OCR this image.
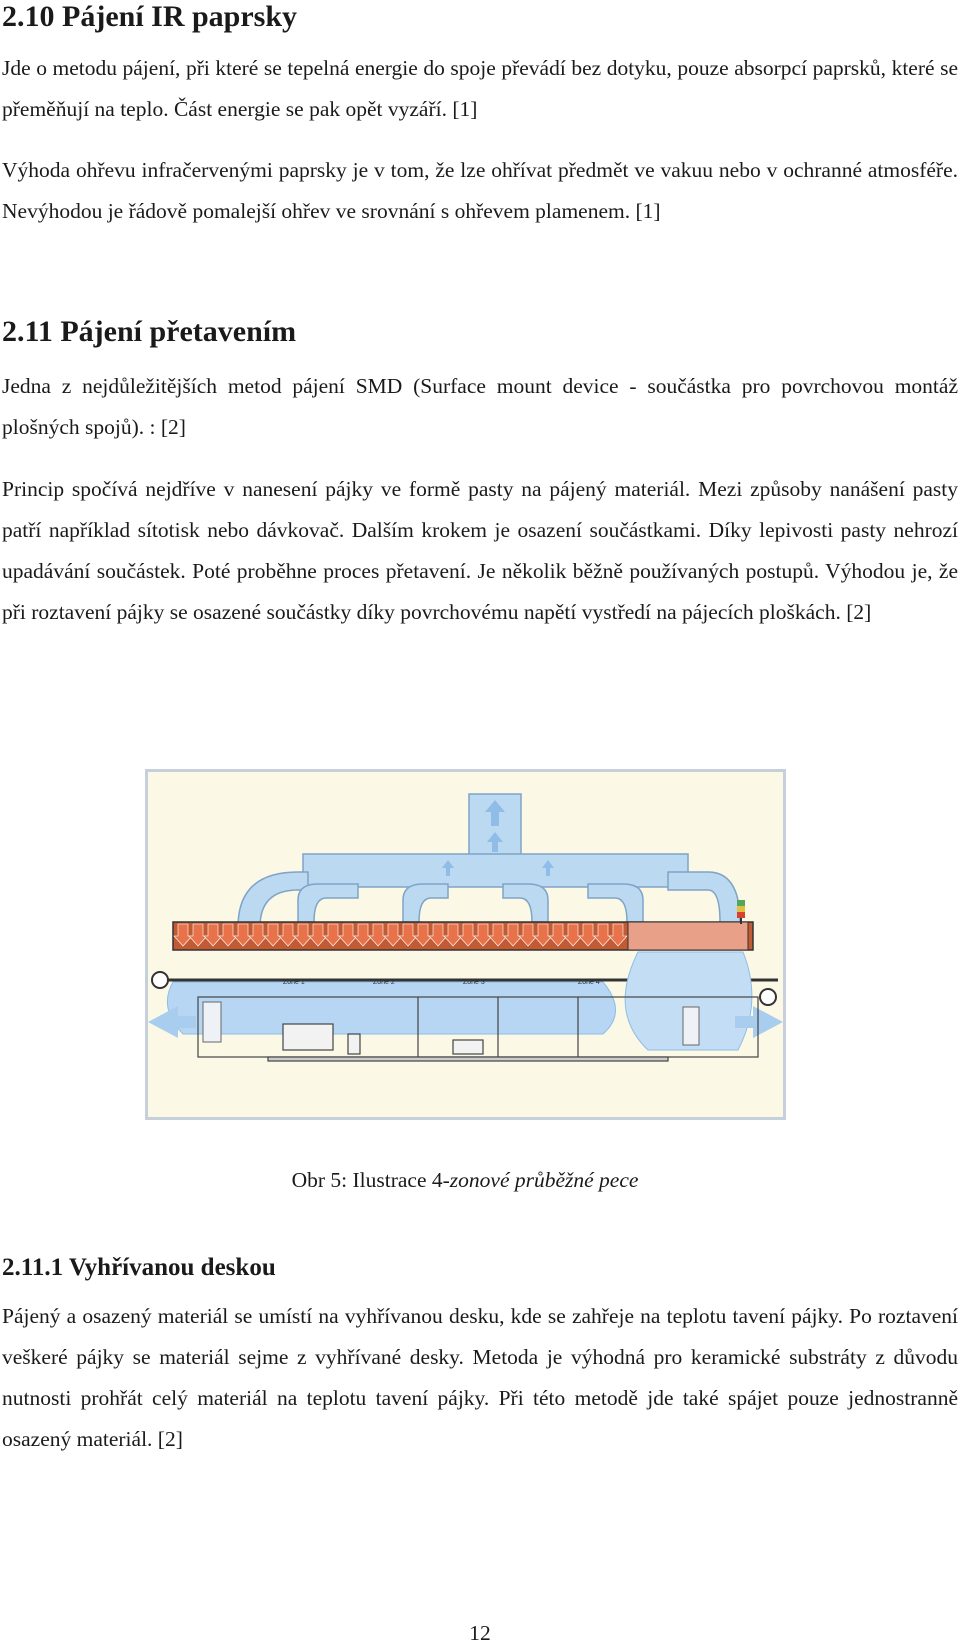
2.10 Pájení IR paprsky

Jde o metodu pájení, při které se tepelná energie do spoje převádí bez dotyku, pouze absorpcí paprsků, které se přeměňují na teplo. Část energie se pak opět vyzáří. [1]

Výhoda ohřevu infračervenými paprsky je v tom, že lze ohřívat předmět ve vakuu nebo v ochranné atmosféře. Nevýhodou je řádově pomalejší ohřev ve srovnání s ohřevem plamenem. [1]

2.11 Pájení přetavením

Jedna z nejdůležitějších metod pájení SMD (Surface mount device - součástka pro povrchovou montáž plošných spojů). : [2]

Princip spočívá nejdříve v nanesení pájky ve formě pasty na pájený materiál. Mezi způsoby nanášení pasty patří například sítotisk nebo dávkovač. Dalším krokem je osazení součástkami. Díky lepivosti pasty nehrozí upadávání součástek. Poté proběhne proces přetavení. Je několik běžně používaných postupů. Výhodou je, že při roztavení pájky se osazené součástky díky povrchovému napětí vystředí na pájecích ploškách. [2]

Zone 1	Zone 2	Zone 3	Zone 4
Obr 5: Ilustrace 4-zonové průběžné pece
2.11.1 Vyhřívanou deskou

Pájený a osazený materiál se umístí na vyhřívanou desku, kde se zahřeje na teplotu tavení pájky. Po roztavení veškeré pájky se materiál sejme z vyhřívané desky. Metoda je výhodná pro keramické substráty z důvodu nutnosti prohřát celý materiál na teplotu tavení pájky. Při této metodě jde také spájet pouze jednostranně osazený materiál. [2]

12
